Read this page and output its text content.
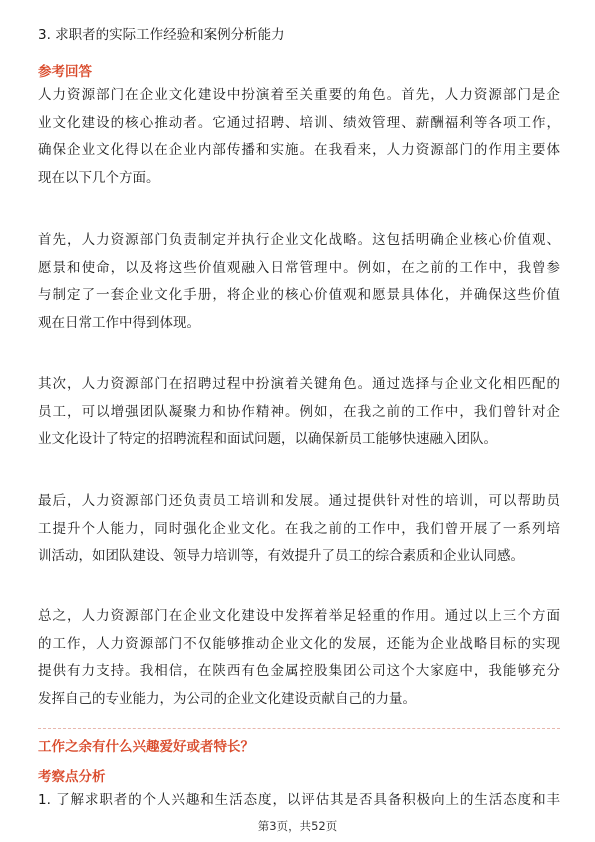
3. 求职者的实际工作经验和案例分析能力
参考回答
人力资源部门在企业文化建设中扮演着至关重要的角色。首先，人力资源部门是企
业文化建设的核心推动者。它通过招聘、培训、绩效管理、薪酬福利等各项工作，
确保企业文化得以在企业内部传播和实施。在我看来，人力资源部门的作用主要体
现在以下几个方面。
首先，人力资源部门负责制定并执行企业文化战略。这包括明确企业核心价值观、
愿景和使命，以及将这些价值观融入日常管理中。例如，在之前的工作中，我曾参
与制定了一套企业文化手册，将企业的核心价值观和愿景具体化，并确保这些价值
观在日常工作中得到体现。
其次，人力资源部门在招聘过程中扮演着关键角色。通过选择与企业文化相匹配的
员工，可以增强团队凝聚力和协作精神。例如，在我之前的工作中，我们曾针对企
业文化设计了特定的招聘流程和面试问题，以确保新员工能够快速融入团队。
最后，人力资源部门还负责员工培训和发展。通过提供针对性的培训，可以帮助员
工提升个人能力，同时强化企业文化。在我之前的工作中，我们曾开展了一系列培
训活动，如团队建设、领导力培训等，有效提升了员工的综合素质和企业认同感。
总之，人力资源部门在企业文化建设中发挥着举足轻重的作用。通过以上三个方面
的工作，人力资源部门不仅能够推动企业文化的发展，还能为企业战略目标的实现
提供有力支持。我相信，在陕西有色金属控股集团公司这个大家庭中，我能够充分
发挥自己的专业能力，为公司的企业文化建设贡献自己的力量。
工作之余有什么兴趣爱好或者特长？
考察点分析
1. 了解求职者的个人兴趣和生活态度，以评估其是否具备积极向上的生活态度和丰
第3页，共52页
